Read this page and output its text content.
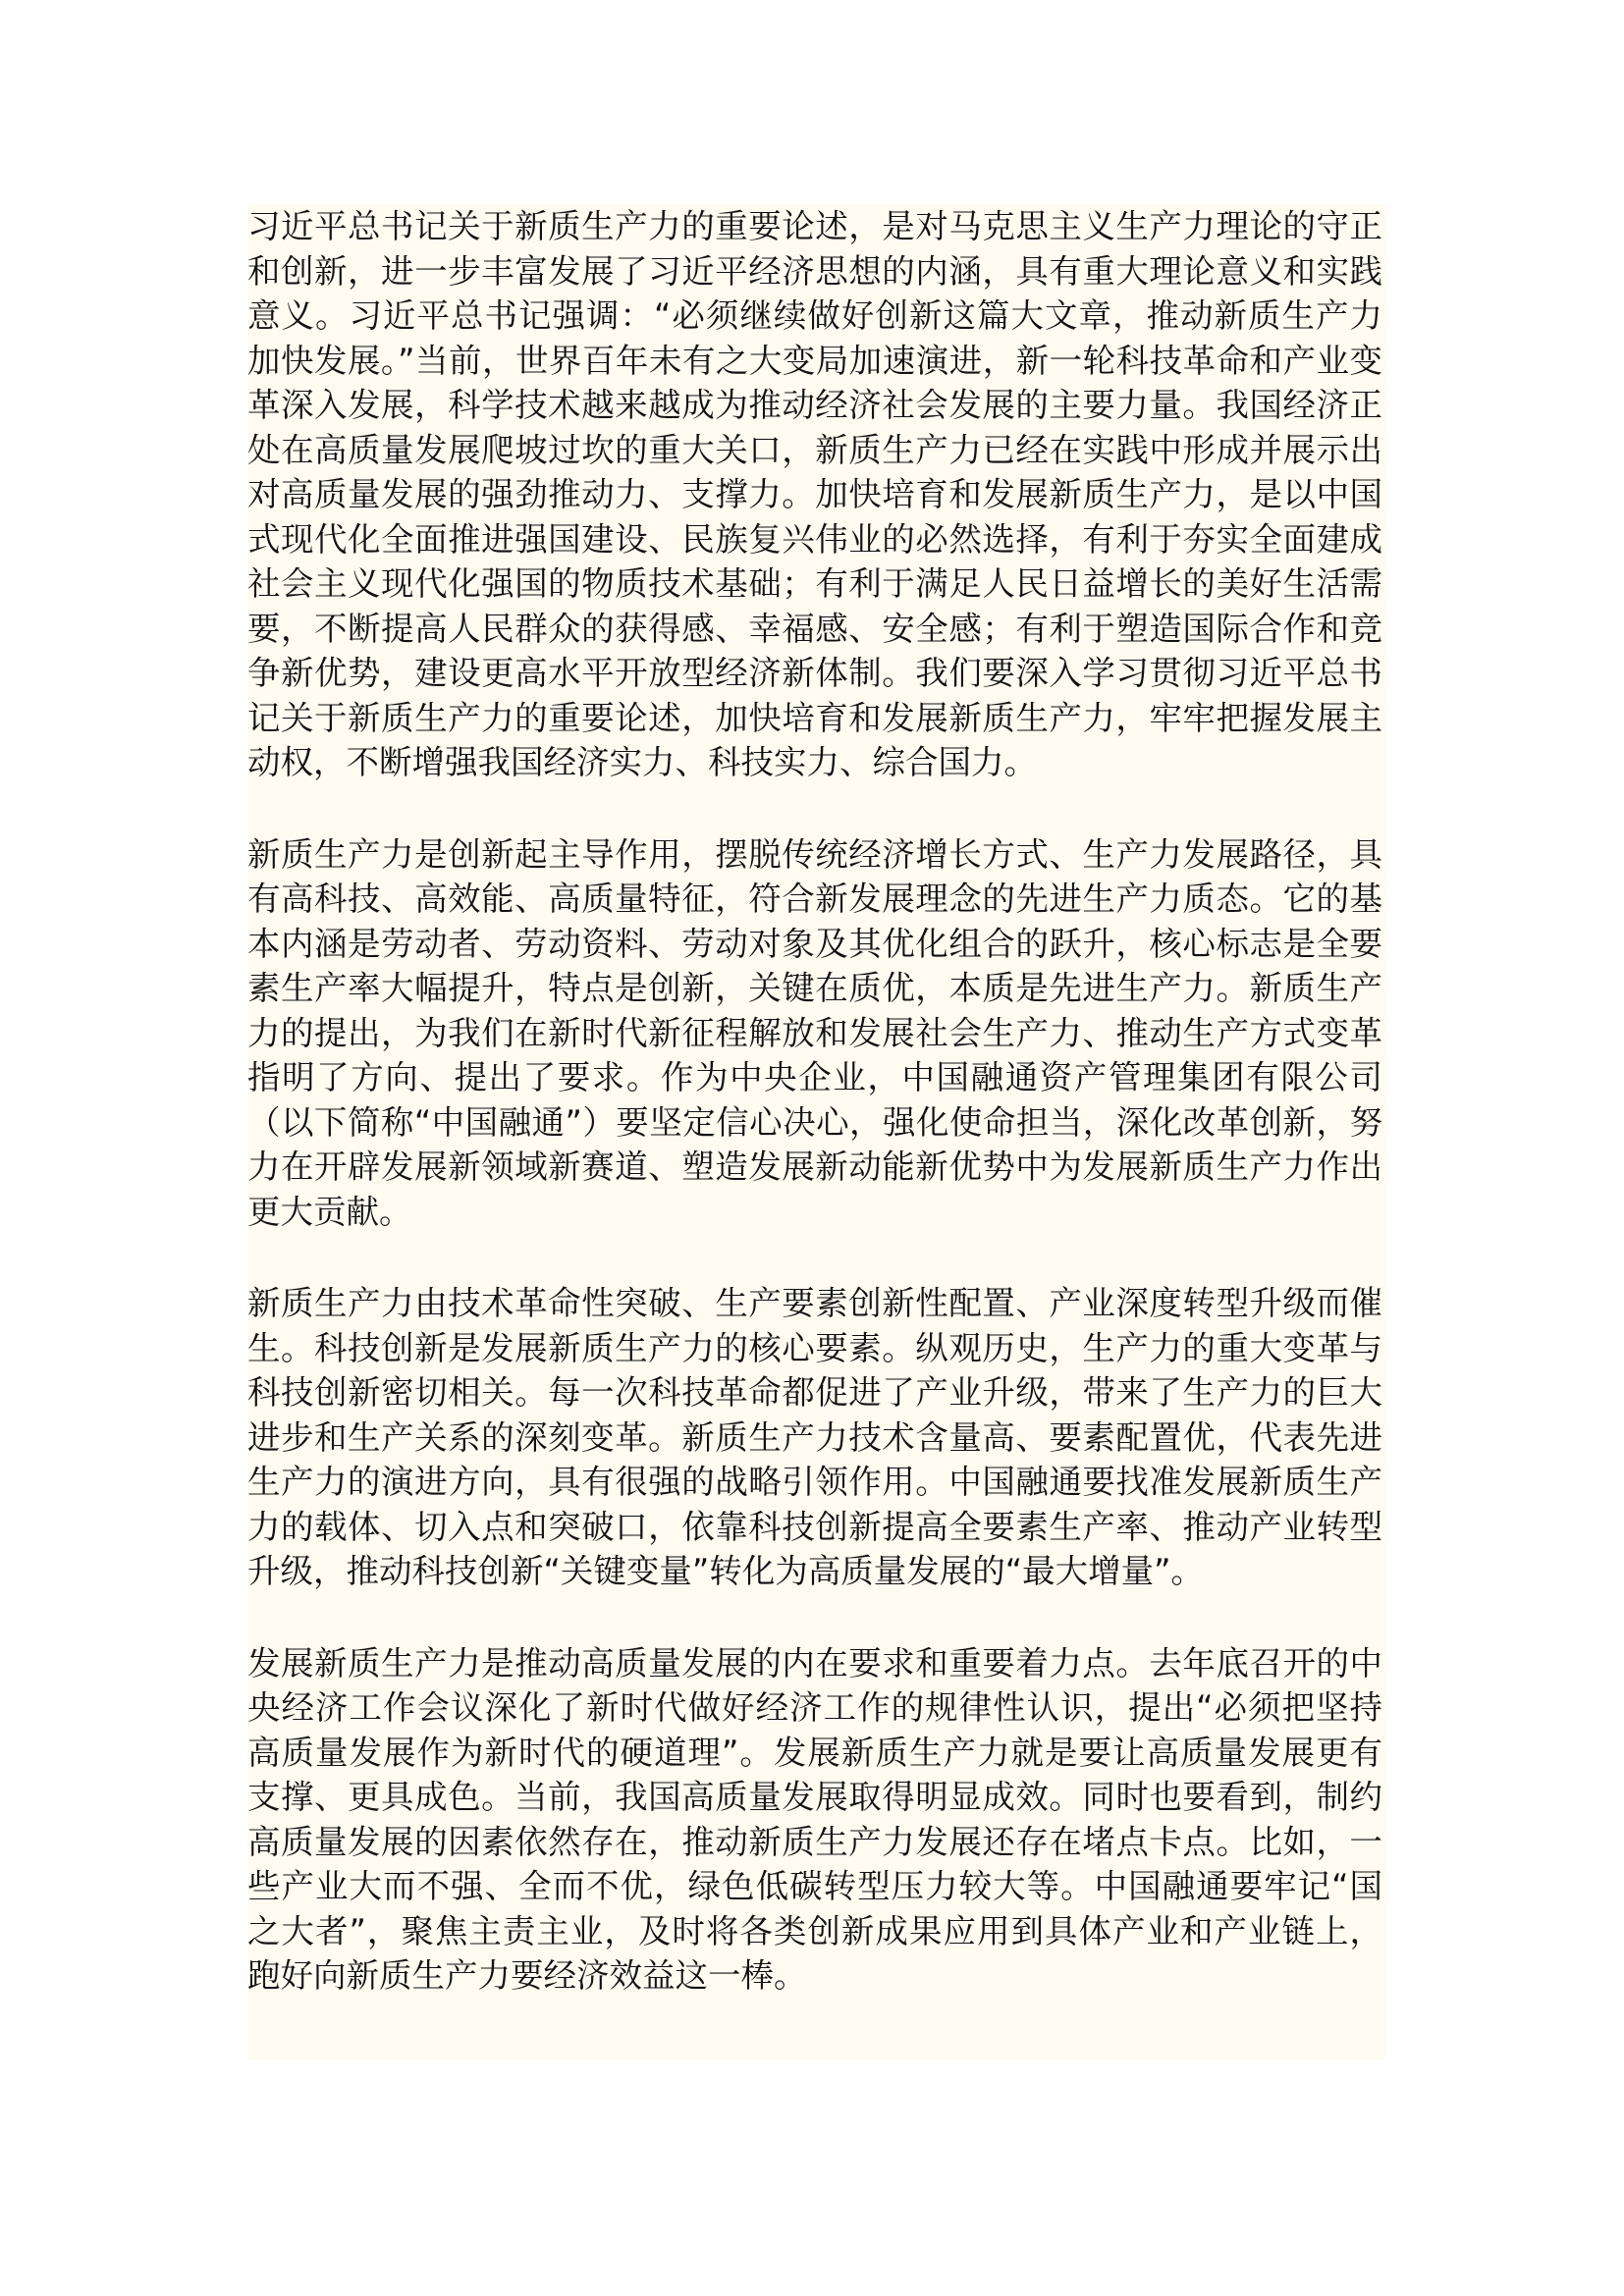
习近平总书记关于新质生产力的重要论述，是对马克思主义生产力理论的守正和创新，进一步丰富发展了习近平经济思想的内涵，具有重大理论意义和实践意义。习近平总书记强调：“必须继续做好创新这篇大文章，推动新质生产力加快发展。”当前，世界百年未有之大变局加速演进，新一轮科技革命和产业变革深入发展，科学技术越来越成为推动经济社会发展的主要力量。我国经济正处在高质量发展爬坡过坎的重大关口，新质生产力已经在实践中形成并展示出对高质量发展的强劲推动力、支撑力。加快培育和发展新质生产力，是以中国式现代化全面推进强国建设、民族复兴伟业的必然选择，有利于夯实全面建成社会主义现代化强国的物质技术基础；有利于满足人民日益增长的美好生活需要，不断提高人民群众的获得感、幸福感、安全感；有利于塑造国际合作和竞争新优势，建设更高水平开放型经济新体制。我们要深入学习贯彻习近平总书记关于新质生产力的重要论述，加快培育和发展新质生产力，牢牢把握发展主动权，不断增强我国经济实力、科技实力、综合国力。

新质生产力是创新起主导作用，摆脱传统经济增长方式、生产力发展路径，具有高科技、高效能、高质量特征，符合新发展理念的先进生产力质态。它的基本内涵是劳动者、劳动资料、劳动对象及其优化组合的跃升，核心标志是全要素生产率大幅提升，特点是创新，关键在质优，本质是先进生产力。新质生产力的提出，为我们在新时代新征程解放和发展社会生产力、推动生产方式变革指明了方向、提出了要求。作为中央企业，中国融通资产管理集团有限公司（以下简称“中国融通”）要坚定信心决心，强化使命担当，深化改革创新，努力在开辟发展新领域新赛道、塑造发展新动能新优势中为发展新质生产力作出更大贡献。

新质生产力由技术革命性突破、生产要素创新性配置、产业深度转型升级而催生。科技创新是发展新质生产力的核心要素。纵观历史，生产力的重大变革与科技创新密切相关。每一次科技革命都促进了产业升级，带来了生产力的巨大进步和生产关系的深刻变革。新质生产力技术含量高、要素配置优，代表先进生产力的演进方向，具有很强的战略引领作用。中国融通要找准发展新质生产力的载体、切入点和突破口，依靠科技创新提高全要素生产率、推动产业转型升级，推动科技创新“关键变量”转化为高质量发展的“最大增量”。

发展新质生产力是推动高质量发展的内在要求和重要着力点。去年底召开的中央经济工作会议深化了新时代做好经济工作的规律性认识，提出“必须把坚持高质量发展作为新时代的硬道理”。发展新质生产力就是要让高质量发展更有支撑、更具成色。当前，我国高质量发展取得明显成效。同时也要看到，制约高质量发展的因素依然存在，推动新质生产力发展还存在堵点卡点。比如，一些产业大而不强、全而不优，绿色低碳转型压力较大等。中国融通要牢记“国之大者”，聚焦主责主业，及时将各类创新成果应用到具体产业和产业链上，跑好向新质生产力要经济效益这一棒。
